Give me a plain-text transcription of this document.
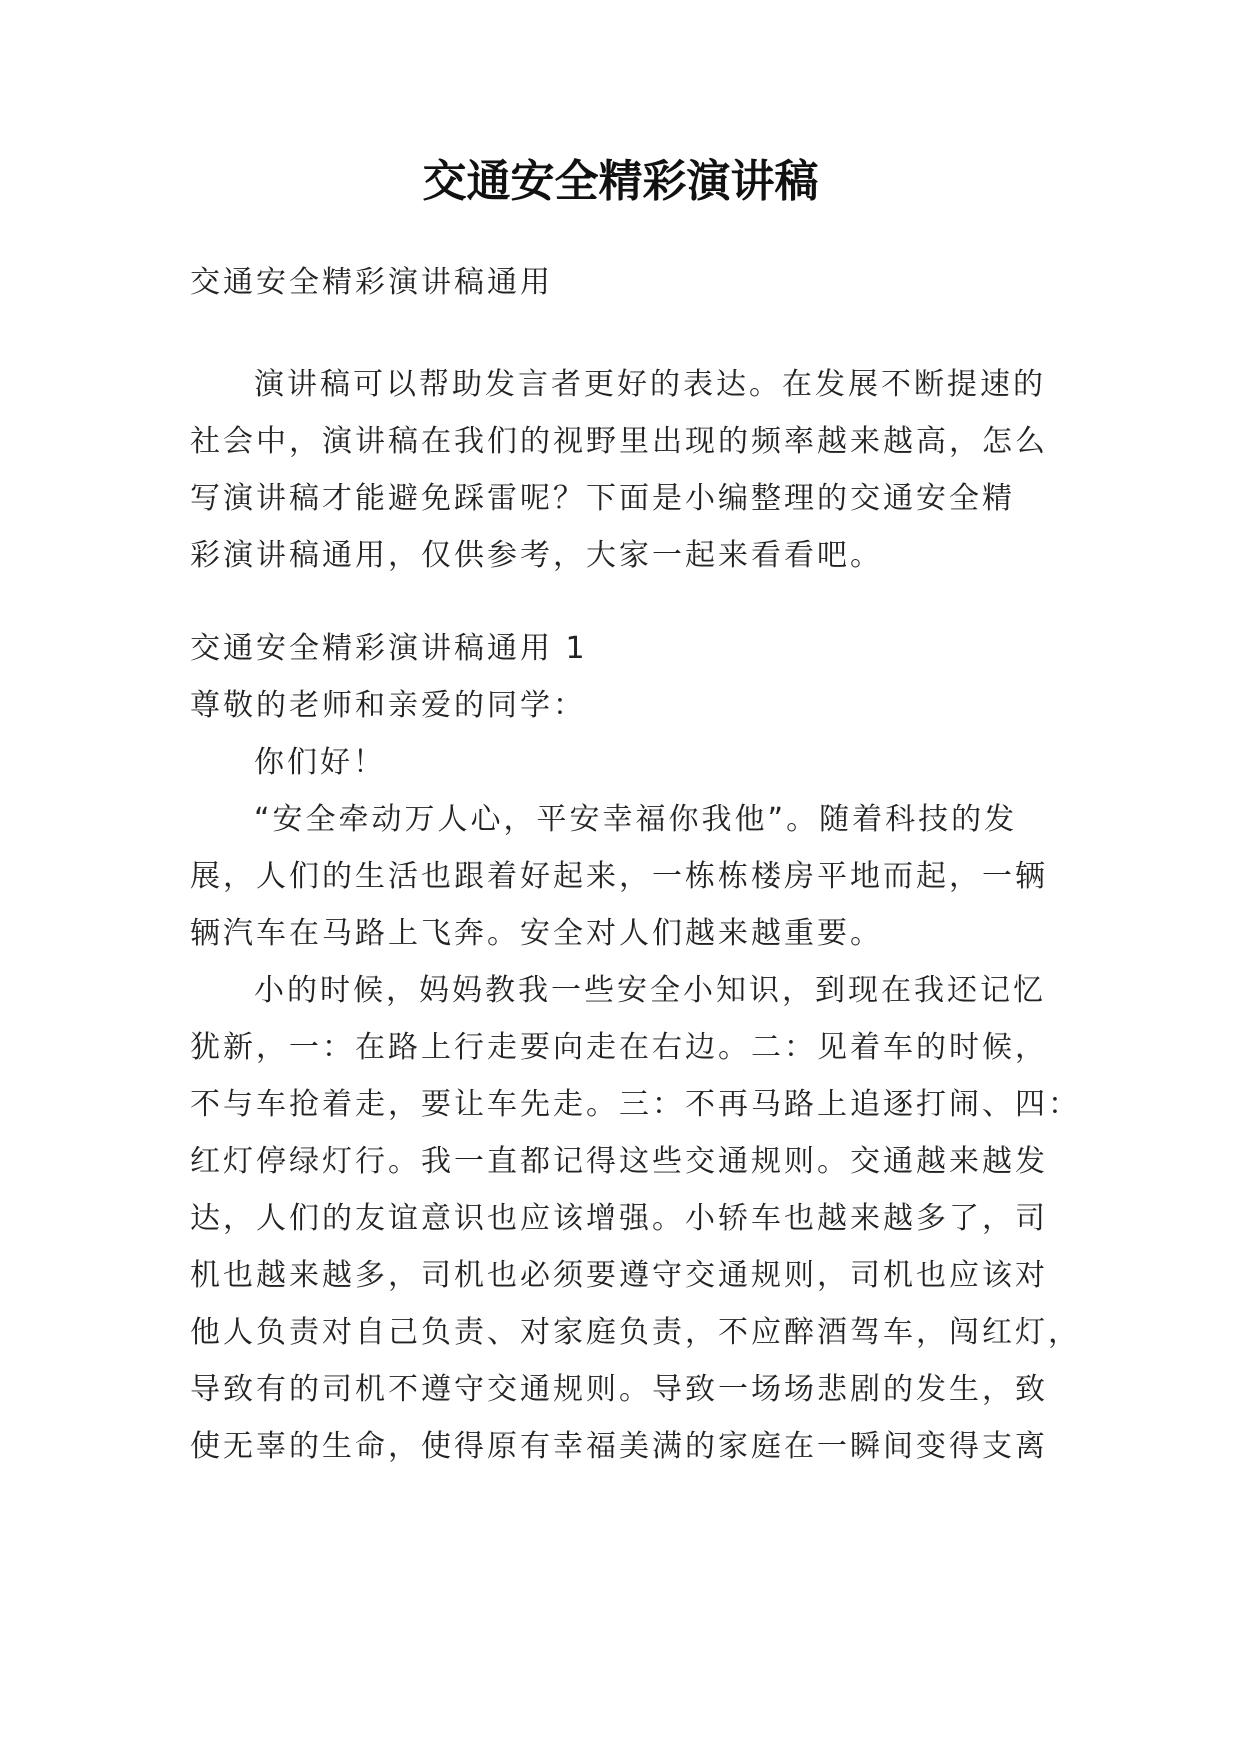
交通安全精彩演讲稿
交通安全精彩演讲稿通用
演讲稿可以帮助发言者更好的表达。在发展不断提速的
社会中，演讲稿在我们的视野里出现的频率越来越高，怎么
写演讲稿才能避免踩雷呢？下面是小编整理的交通安全精
彩演讲稿通用，仅供参考，大家一起来看看吧。
交通安全精彩演讲稿通用 1
尊敬的老师和亲爱的同学：
你们好！
“安全牵动万人心，平安幸福你我他”。随着科技的发
展，人们的生活也跟着好起来，一栋栋楼房平地而起，一辆
辆汽车在马路上飞奔。安全对人们越来越重要。
小的时候，妈妈教我一些安全小知识，到现在我还记忆
犹新，一：在路上行走要向走在右边。二：见着车的时候，
不与车抢着走，要让车先走。三：不再马路上追逐打闹、四：
红灯停绿灯行。我一直都记得这些交通规则。交通越来越发
达，人们的友谊意识也应该增强。小轿车也越来越多了，司
机也越来越多，司机也必须要遵守交通规则，司机也应该对
他人负责对自己负责、对家庭负责，不应醉酒驾车，闯红灯，
导致有的司机不遵守交通规则。导致一场场悲剧的发生，致
使无辜的生命，使得原有幸福美满的家庭在一瞬间变得支离
